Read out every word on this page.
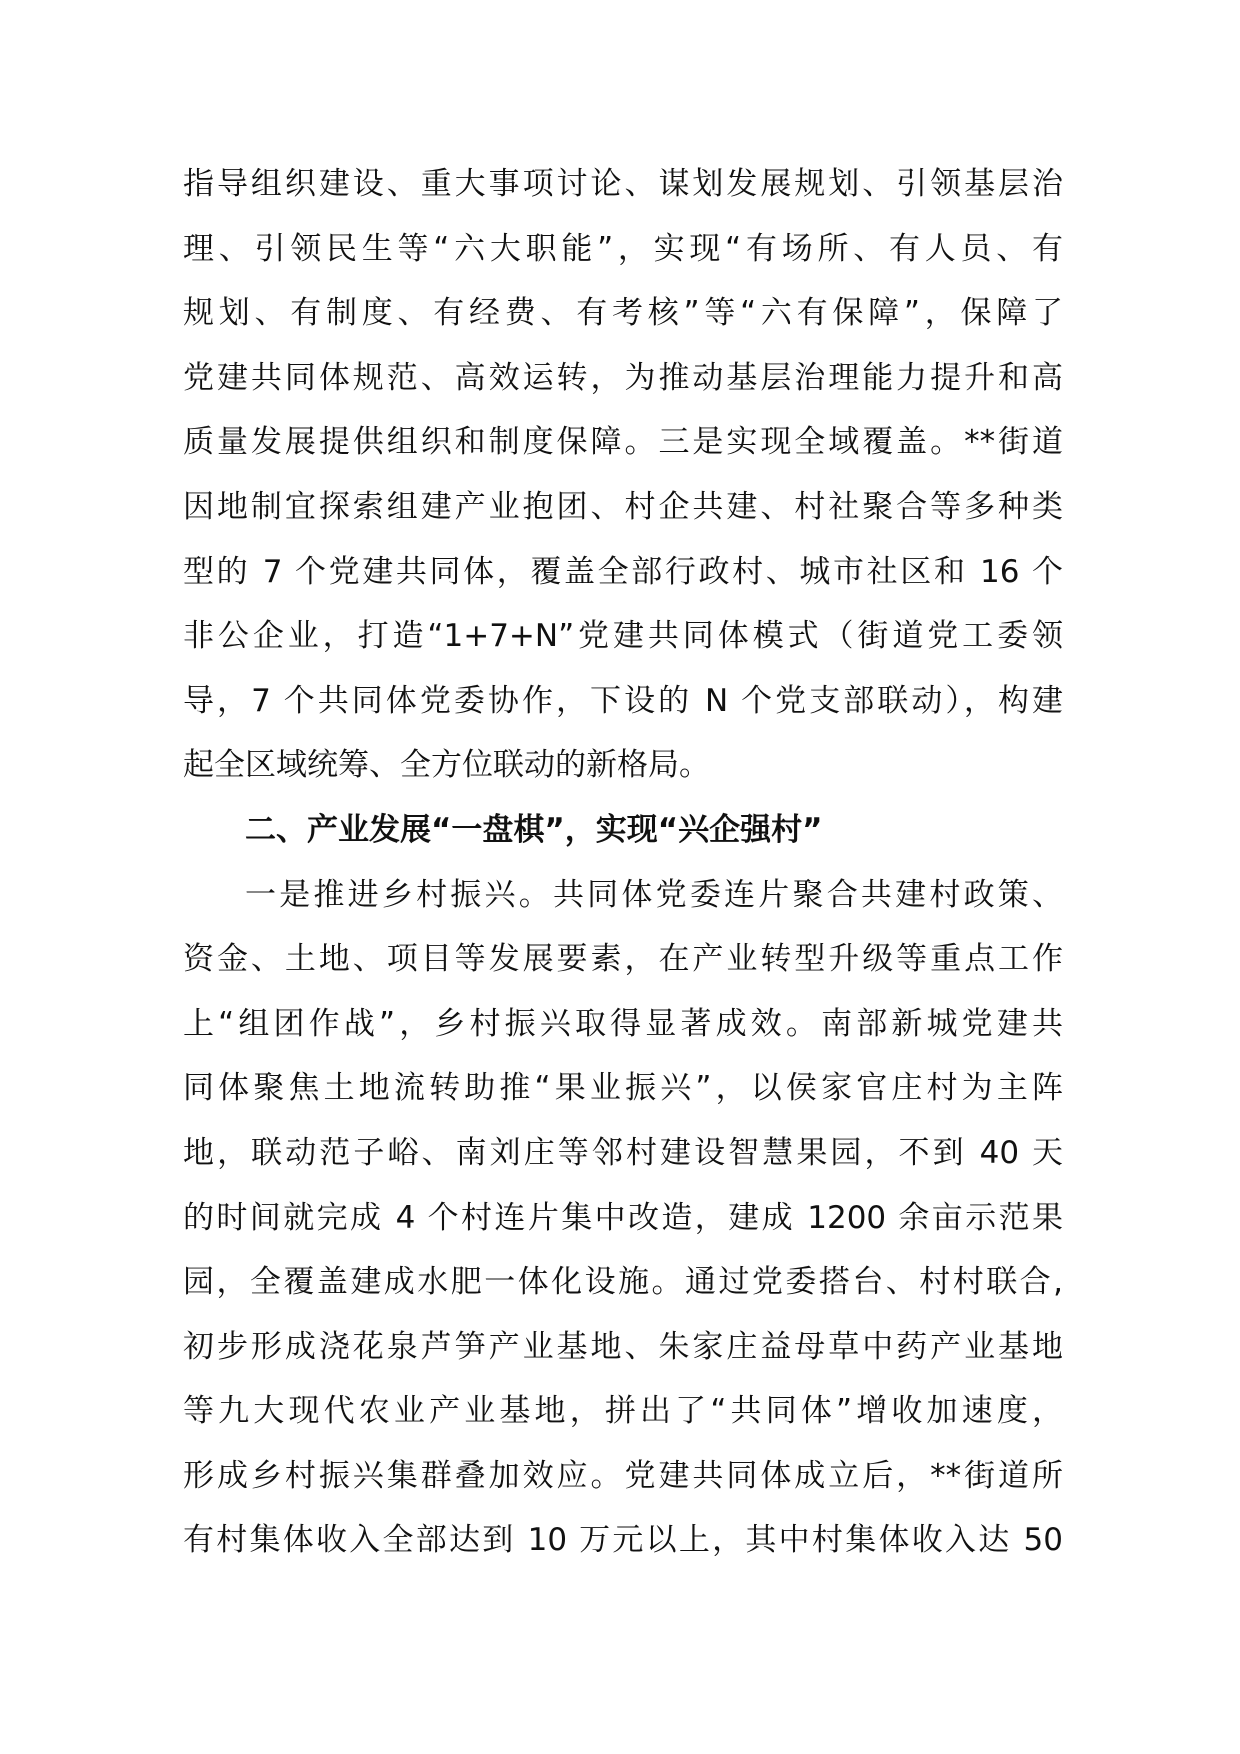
指导组织建设、重大事项讨论、谋划发展规划、引领基层治
理、引领民生等“六大职能”，实现“有场所、有人员、有
规划、有制度、有经费、有考核”等“六有保障”，保障了
党建共同体规范、高效运转，为推动基层治理能力提升和高
质量发展提供组织和制度保障。三是实现全域覆盖。**街道
因地制宜探索组建产业抱团、村企共建、村社聚合等多种类
型的 7 个党建共同体，覆盖全部行政村、城市社区和 16 个
非公企业，打造“1+7+N”党建共同体模式（街道党工委领
导，7 个共同体党委协作，下设的 N 个党支部联动），构建
起全区域统筹、全方位联动的新格局。
二、产业发展“一盘棋”，实现“兴企强村”
一是推进乡村振兴。共同体党委连片聚合共建村政策、
资金、土地、项目等发展要素，在产业转型升级等重点工作
上“组团作战”，乡村振兴取得显著成效。南部新城党建共
同体聚焦土地流转助推“果业振兴”，以侯家官庄村为主阵
地，联动范子峪、南刘庄等邻村建设智慧果园，不到 40 天
的时间就完成 4 个村连片集中改造，建成 1200 余亩示范果
园，全覆盖建成水肥一体化设施。通过党委搭台、村村联合,
初步形成浇花泉芦笋产业基地、朱家庄益母草中药产业基地
等九大现代农业产业基地，拼出了“共同体”增收加速度，
形成乡村振兴集群叠加效应。党建共同体成立后，**街道所
有村集体收入全部达到 10 万元以上，其中村集体收入达 50
